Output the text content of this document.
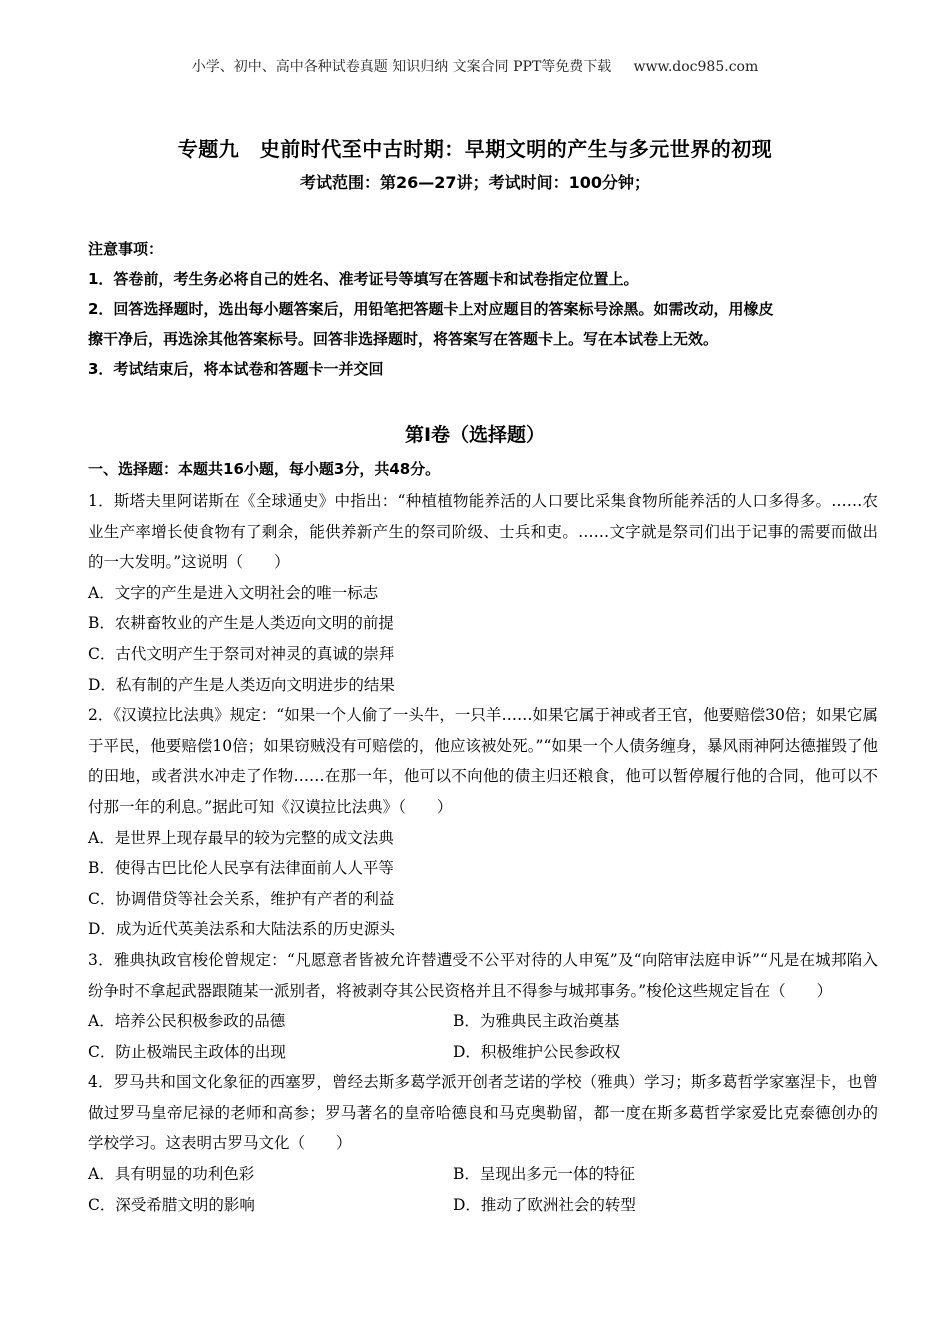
小学、初中、高中各种试卷真题 知识归纳 文案合同 PPT等免费下载 www.doc985.com
专题九　史前时代至中古时期：早期文明的产生与多元世界的初现
考试范围：第26—27讲；考试时间：100分钟；
注意事项：
1．答卷前，考生务必将自己的姓名、准考证号等填写在答题卡和试卷指定位置上。
2．回答选择题时，选出每小题答案后，用铅笔把答题卡上对应题目的答案标号涂黑。如需改动，用橡皮
擦干净后，再选涂其他答案标号。回答非选择题时，将答案写在答题卡上。写在本试卷上无效。
3．考试结束后，将本试卷和答题卡一并交回
第I卷（选择题）
一、选择题：本题共16小题，每小题3分，共48分。
1．斯塔夫里阿诺斯在《全球通史》中指出：“种植植物能养活的人口要比采集食物所能养活的人口多得多。……农业生产率增长使食物有了剩余，能供养新产生的祭司阶级、士兵和吏。……文字就是祭司们出于记事的需要而做出的一大发明。”这说明（　　）
A．文字的产生是进入文明社会的唯一标志
B．农耕畜牧业的产生是人类迈向文明的前提
C．古代文明产生于祭司对神灵的真诚的崇拜
D．私有制的产生是人类迈向文明进步的结果
2．《汉谟拉比法典》规定：“如果一个人偷了一头牛，一只羊……如果它属于神或者王官，他要赔偿30倍；如果它属于平民，他要赔偿10倍；如果窃贼没有可赔偿的，他应该被处死。”“如果一个人债务缠身，暴风雨神阿达德摧毁了他的田地，或者洪水冲走了作物……在那一年，他可以不向他的债主归还粮食，他可以暂停履行他的合同，他可以不付那一年的利息。”据此可知《汉谟拉比法典》（　　）
A．是世界上现存最早的较为完整的成文法典
B．使得古巴比伦人民享有法律面前人人平等
C．协调借贷等社会关系，维护有产者的利益
D．成为近代英美法系和大陆法系的历史源头
3．雅典执政官梭伦曾规定：“凡愿意者皆被允许替遭受不公平对待的人申冤”及“向陪审法庭申诉”“凡是在城邦陷入纷争时不拿起武器跟随某一派别者，将被剥夺其公民资格并且不得参与城邦事务。”梭伦这些规定旨在（　　）
A．培养公民积极参政的品德	B．为雅典民主政治奠基
C．防止极端民主政体的出现	D．积极维护公民参政权
4．罗马共和国文化象征的西塞罗，曾经去斯多葛学派开创者芝诺的学校（雅典）学习；斯多葛哲学家塞涅卡，也曾做过罗马皇帝尼禄的老师和高参；罗马著名的皇帝哈德良和马克奥勒留，都一度在斯多葛哲学家爱比克泰德创办的学校学习。这表明古罗马文化（　　）
A．具有明显的功利色彩	B．呈现出多元一体的特征
C．深受希腊文明的影响	D．推动了欧洲社会的转型
